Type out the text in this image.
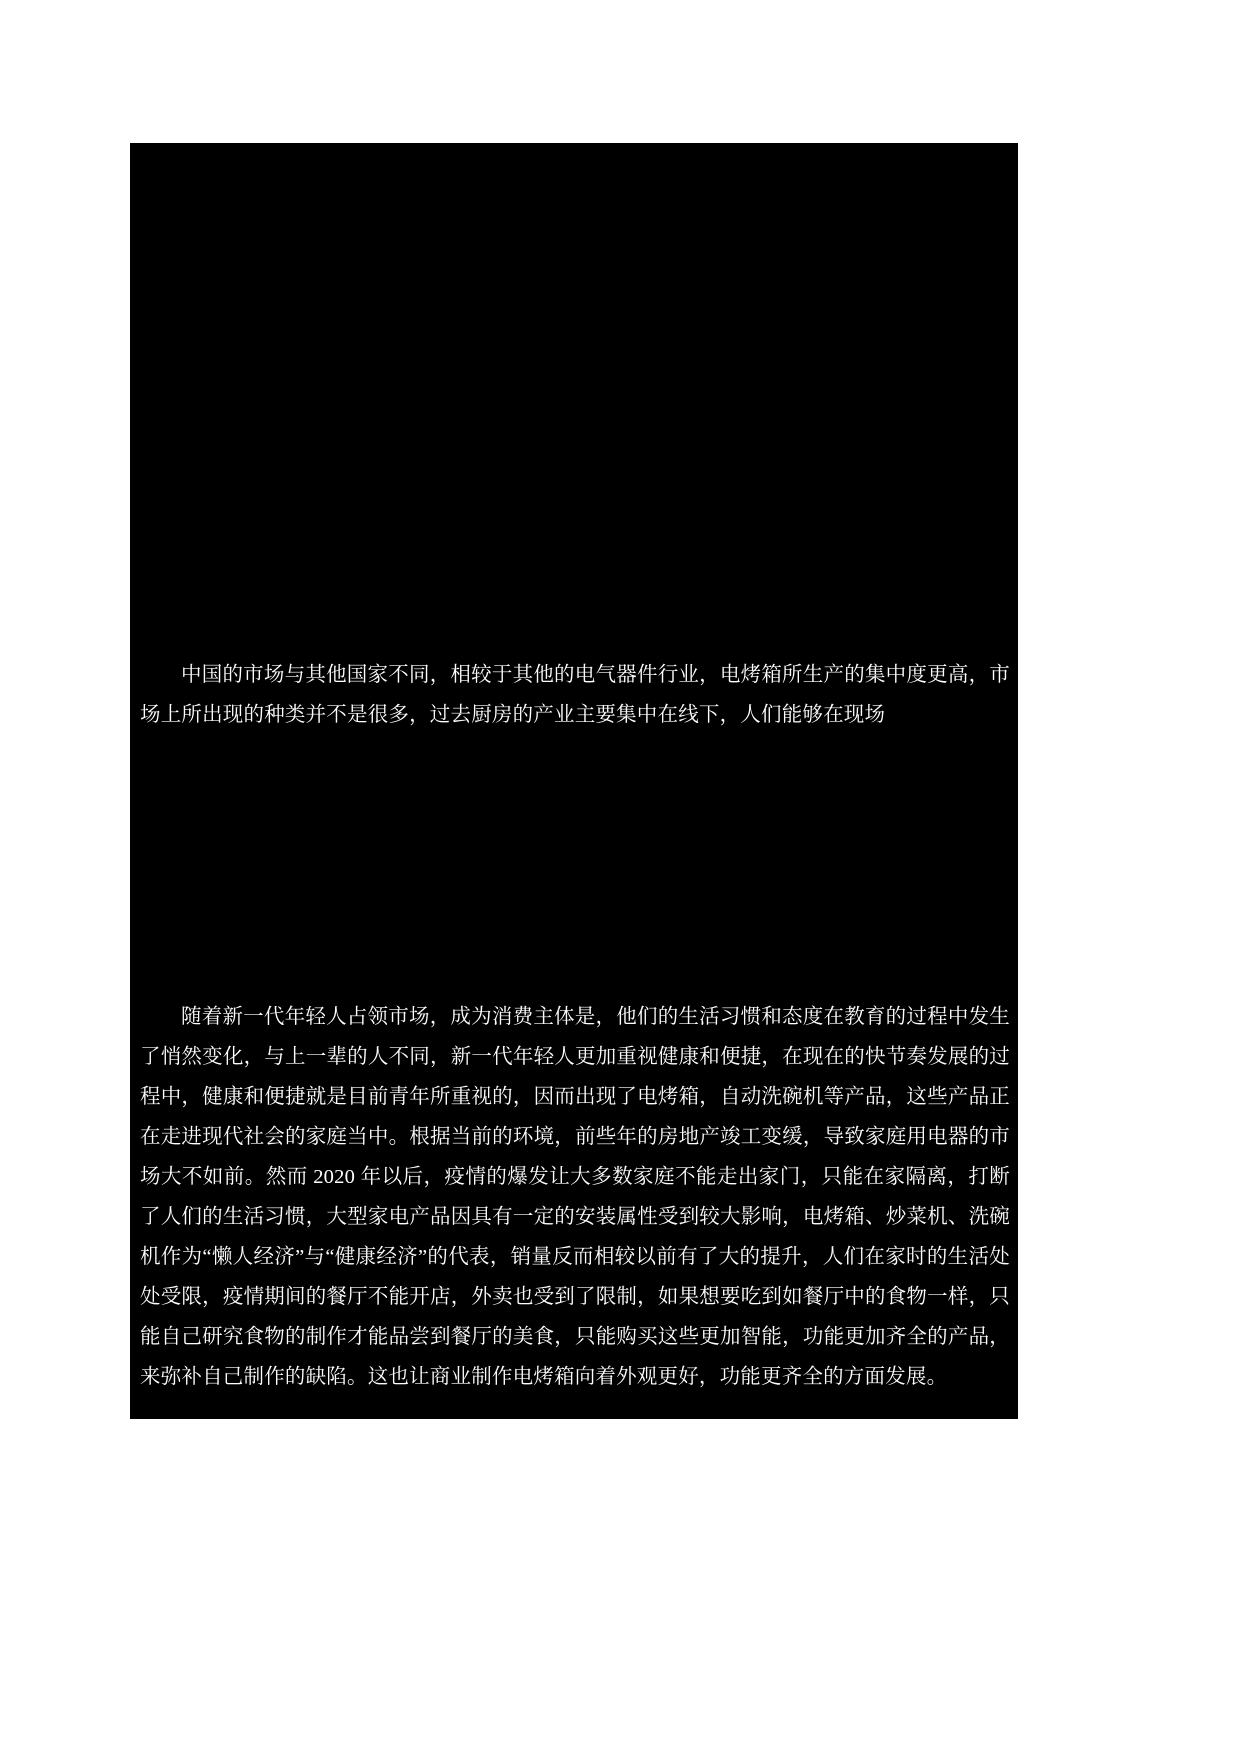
中国的市场与其他国家不同，相较于其他的电气器件行业，电烤箱所生产的集中度更高，市场上所出现的种类并不是很多，过去厨房的产业主要集中在线下，人们能够在现场

随着新一代年轻人占领市场，成为消费主体是，他们的生活习惯和态度在教育的过程中发生了悄然变化，与上一辈的人不同，新一代年轻人更加重视健康和便捷，在现在的快节奏发展的过程中，健康和便捷就是目前青年所重视的，因而出现了电烤箱，自动洗碗机等产品，这些产品正在走进现代社会的家庭当中。根据当前的环境，前些年的房地产竣工变缓，导致家庭用电器的市场大不如前。然而 2020 年以后，疫情的爆发让大多数家庭不能走出家门，只能在家隔离，打断了人们的生活习惯，大型家电产品因具有一定的安装属性受到较大影响，电烤箱、炒菜机、洗碗机作为“懒人经济”与“健康经济”的代表，销量反而相较以前有了大的提升，人们在家时的生活处处受限，疫情期间的餐厅不能开店，外卖也受到了限制，如果想要吃到如餐厅中的食物一样，只能自己研究食物的制作才能品尝到餐厅的美食，只能购买这些更加智能，功能更加齐全的产品，来弥补自己制作的缺陷。这也让商业制作电烤箱向着外观更好，功能更齐全的方面发展。
